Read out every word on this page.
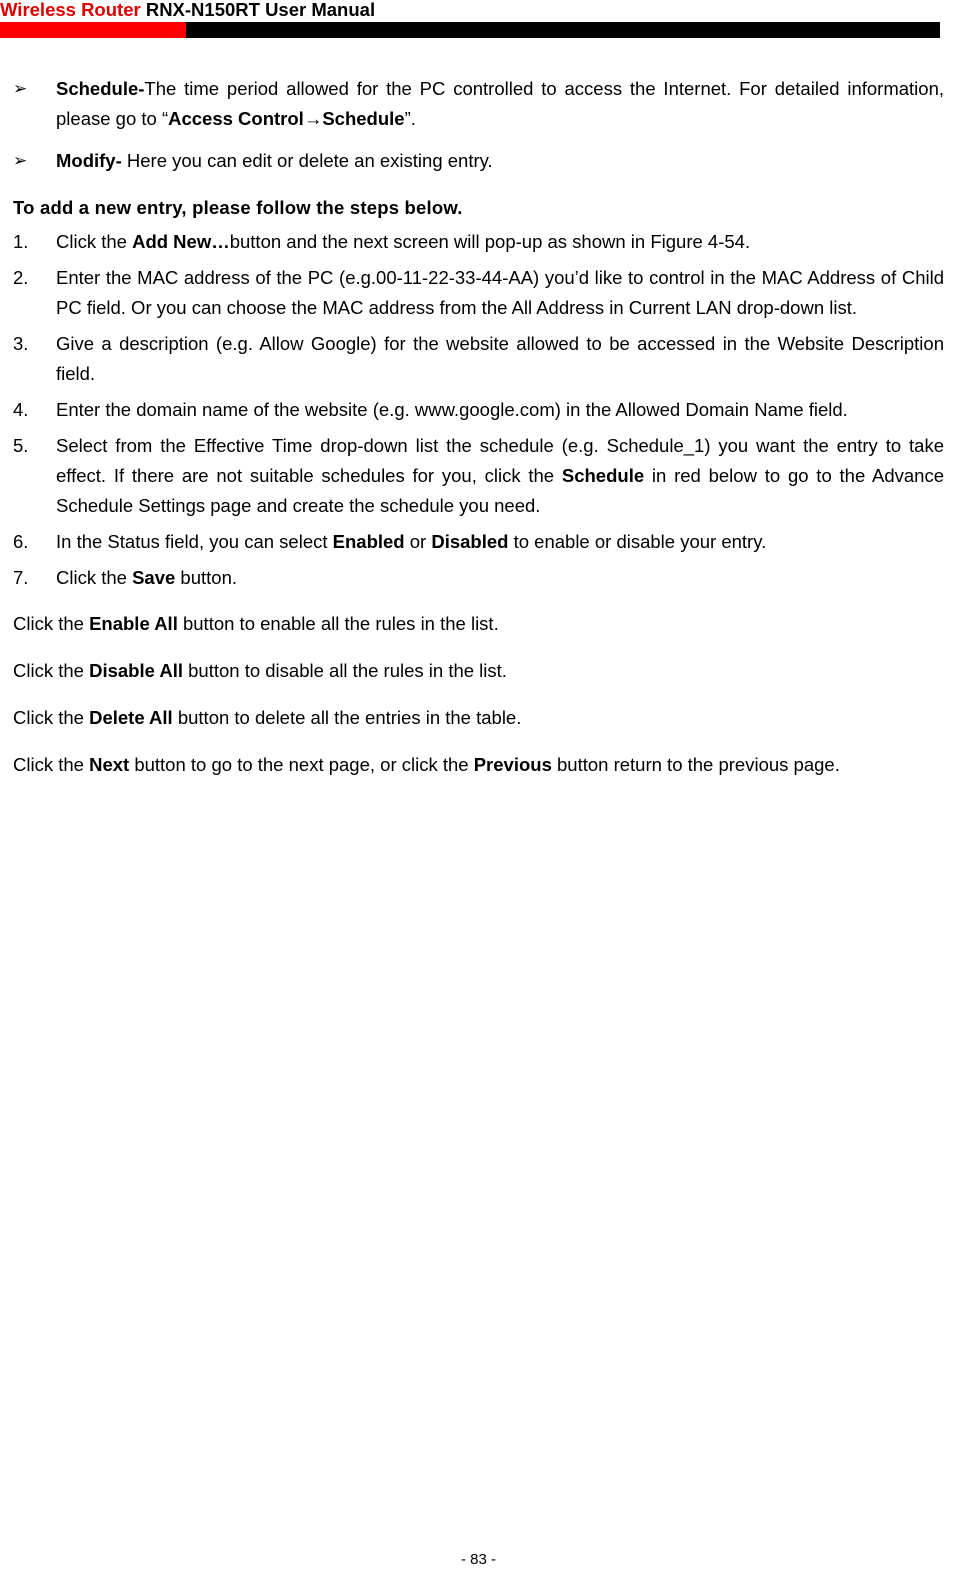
Wireless Router RNX-N150RT User Manual
➢ Schedule-The time period allowed for the PC controlled to access the Internet. For detailed information, please go to “Access Control→Schedule”.
➢ Modify- Here you can edit or delete an existing entry.
To add a new entry, please follow the steps below.
1. Click the Add New…button and the next screen will pop-up as shown in Figure 4-54.
2. Enter the MAC address of the PC (e.g.00-11-22-33-44-AA) you’d like to control in the MAC Address of Child PC field. Or you can choose the MAC address from the All Address in Current LAN drop-down list.
3. Give a description (e.g. Allow Google) for the website allowed to be accessed in the Website Description field.
4. Enter the domain name of the website (e.g. www.google.com) in the Allowed Domain Name field.
5. Select from the Effective Time drop-down list the schedule (e.g. Schedule_1) you want the entry to take effect. If there are not suitable schedules for you, click the Schedule in red below to go to the Advance Schedule Settings page and create the schedule you need.
6. In the Status field, you can select Enabled or Disabled to enable or disable your entry.
7. Click the Save button.
Click the Enable All button to enable all the rules in the list.
Click the Disable All button to disable all the rules in the list.
Click the Delete All button to delete all the entries in the table.
Click the Next button to go to the next page, or click the Previous button return to the previous page.
- 83 -
